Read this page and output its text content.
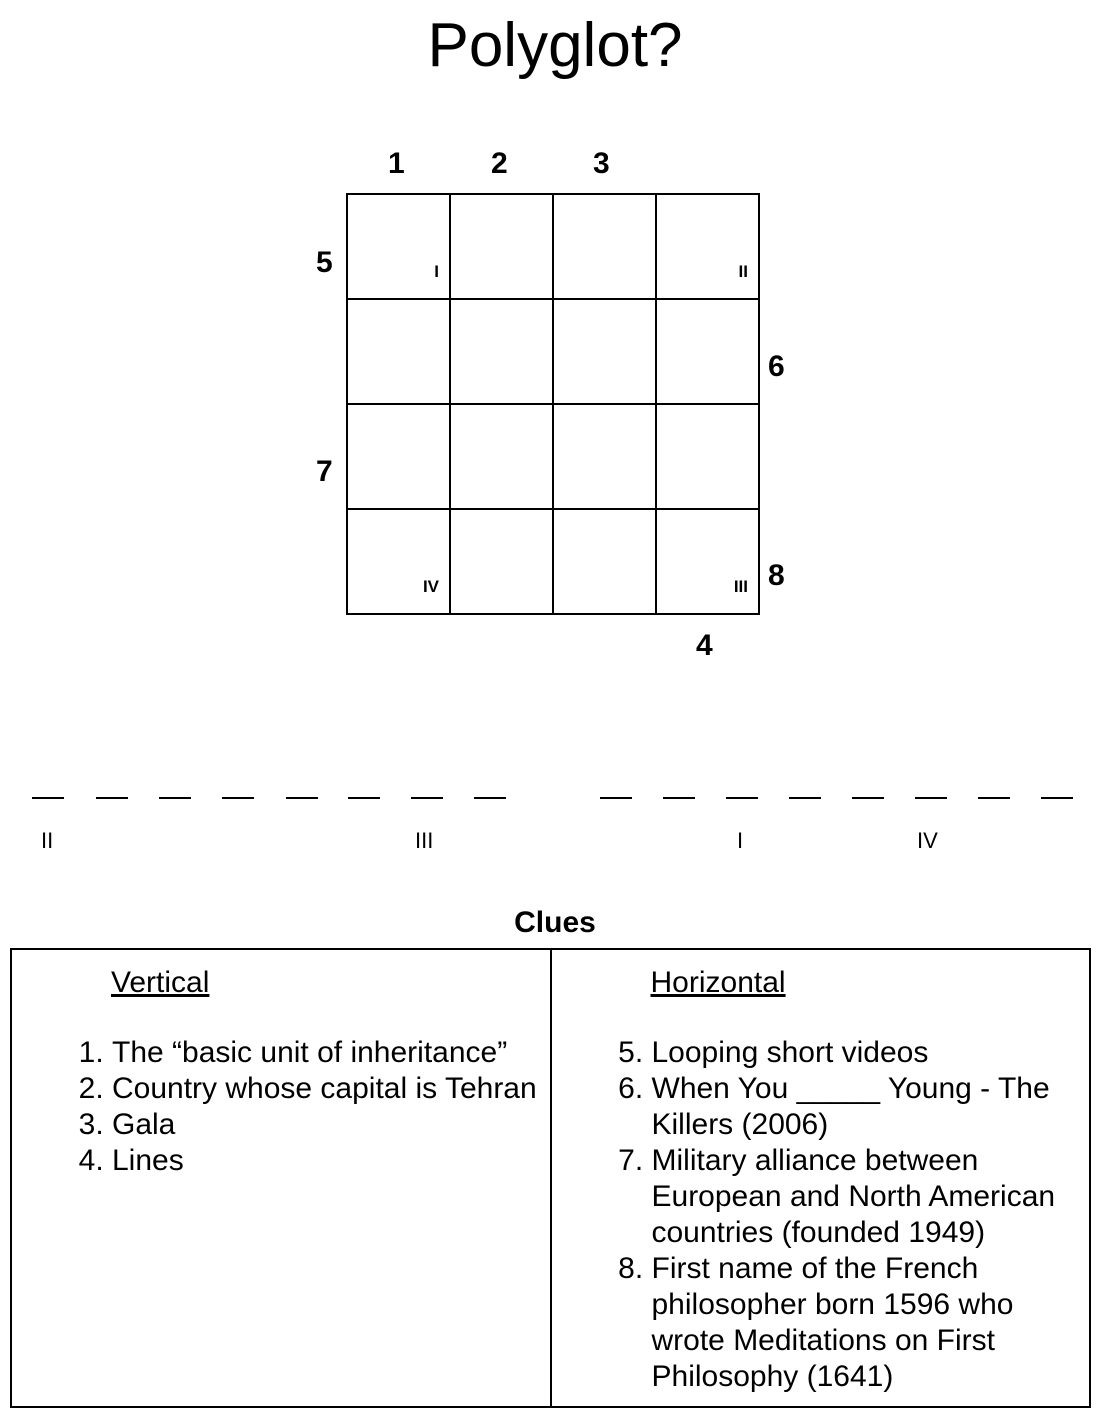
Polyglot?
1	2	3
5
6
7
8
4
I	II
IV	III
II	III	I	IV
Clues
Vertical
1. The “basic unit of inheritance”
2. Country whose capital is Tehran
3. Gala
4. Lines
Horizontal
5. Looping short videos
6. When You _____ Young - The Killers (2006)
7. Military alliance between European and North American countries (founded 1949)
8. First name of the French philosopher born 1596 who wrote Meditations on First Philosophy (1641)
